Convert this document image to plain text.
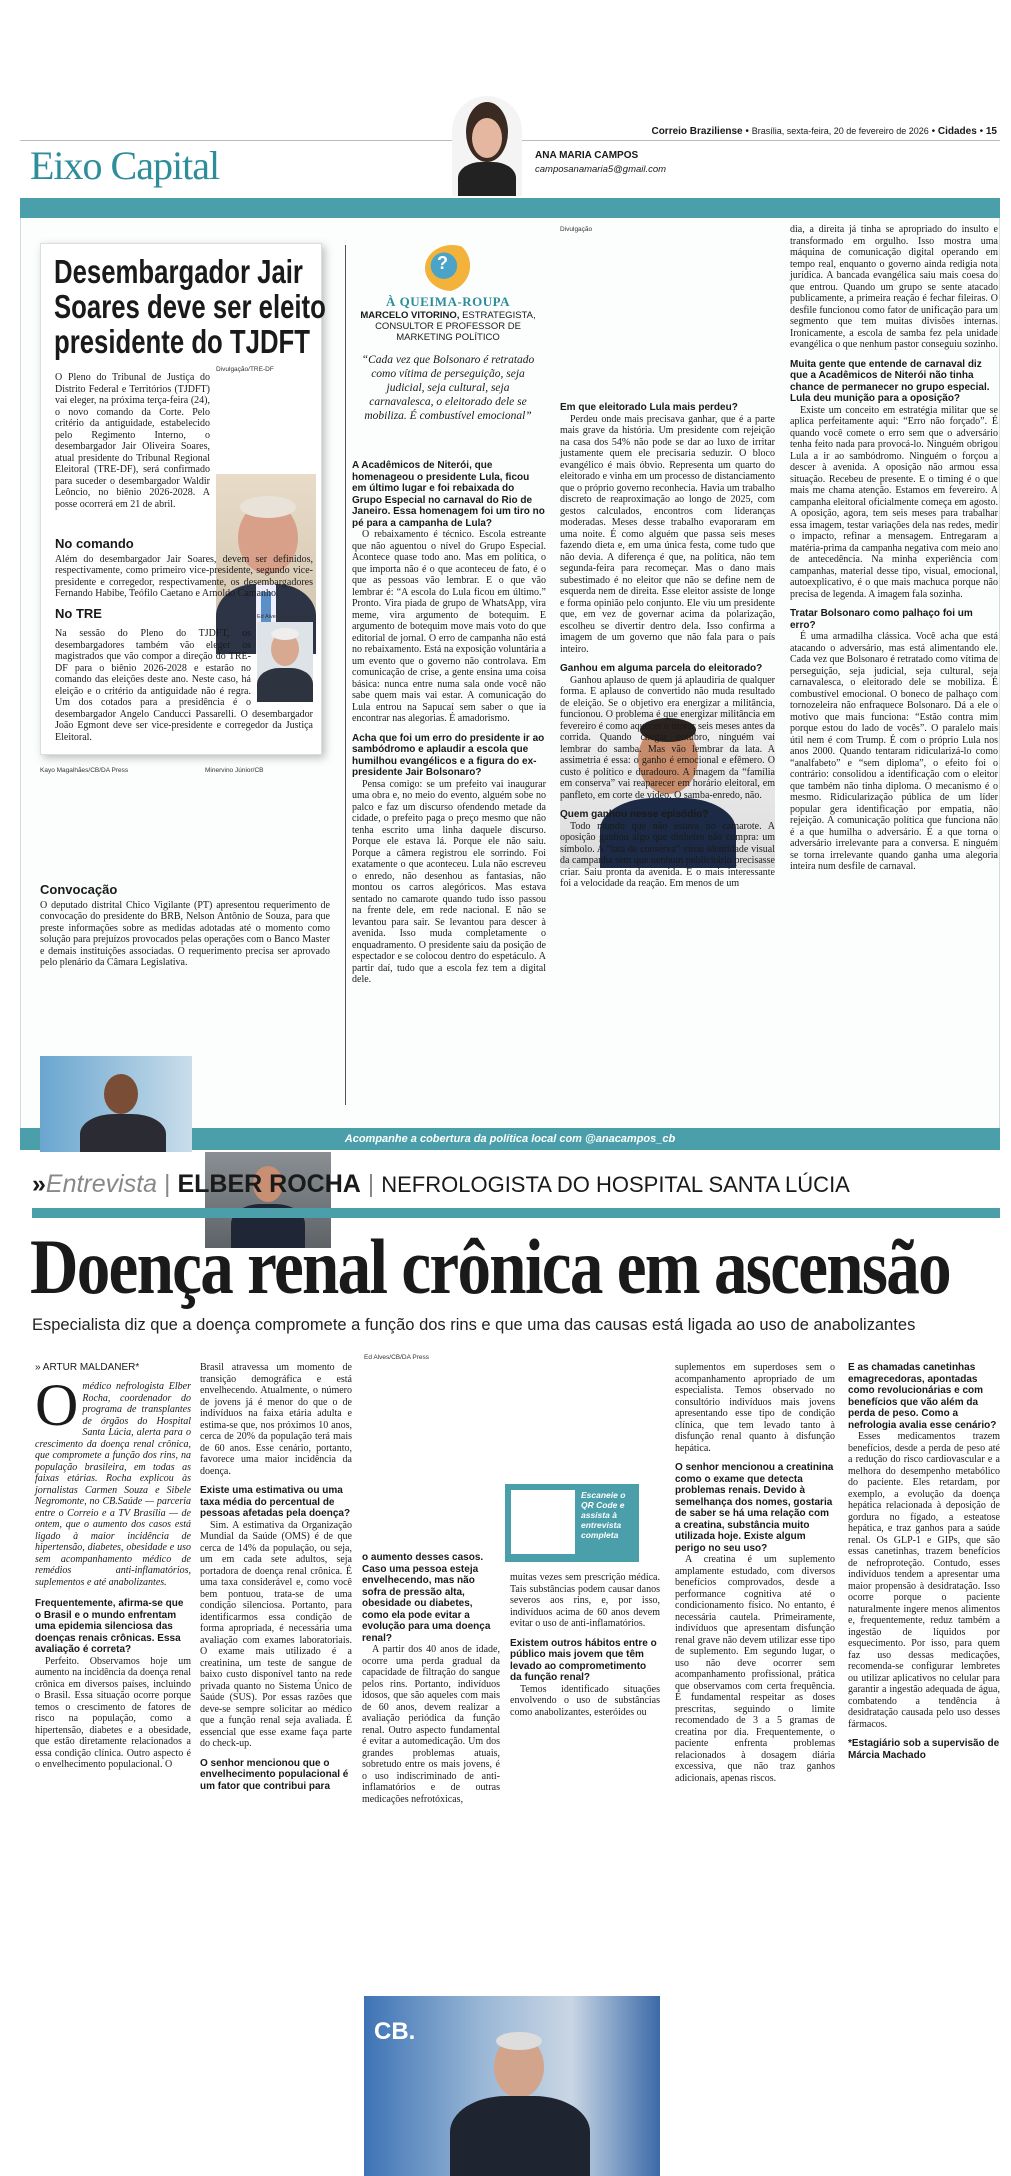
Correio Braziliense • Brasília, sexta-feira, 20 de fevereiro de 2026 • Cidades • 15
Eixo Capital	ANA MARIA CAMPOS
camposanamaria5@gmail.com
Acompanhe a cobertura da política local com @anacampos_cb
Desembargador Jair
Soares deve ser eleito
presidente do TJDFT
Divulgação/TRE-DF

O Pleno do Tribunal de Justiça do Distrito Federal e Territórios (TJDFT) vai eleger, na próxima terça-feira (24), o novo comando da Corte. Pelo critério da antiguidade, estabelecido pelo Regimento Interno, o desembargador Jair Oliveira Soares, atual presidente do Tribunal Regional Eleitoral (TRE-DF), será confirmado para suceder o desembargador Waldir Leôncio, no biênio 2026-2028. A posse ocorrerá em 21 de abril.

No comando

Além do desembargador Jair Soares, devem ser definidos, respectivamente, como primeiro vice-presidente, segundo vice-presidente e corregedor, respectivamente, os desembargadores Fernando Habibe, Teófilo Caetano e Arnoldo Camanho.

No TRE	Ed Alves/CB/D.A Press

Na sessão do Pleno do TJDFT, os desembargadores também vão eleger os magistrados que vão compor a direção do TRE-DF para o biênio 2026-2028 e estarão no comando das eleições deste ano. Neste caso, há eleição e o critério da antiguidade não é regra. Um dos cotados para a presidência é o desembargador Angelo Canducci Passarelli. O desembargador João Egmont deve ser vice-presidente e corregedor da Justiça Eleitoral.

Kayo Magalhães/CB/DA Press	Minervino Júnior/CB

Convocação

O deputado distrital Chico Vigilante (PT) apresentou requerimento de convocação do presidente do BRB, Nelson Antônio de Souza, para que preste informações sobre as medidas adotadas até o momento como solução para prejuízos provocados pelas operações com o Banco Master e demais instituições associadas. O requerimento precisa ser aprovado pelo plenário da Câmara Legislativa.

?
À QUEIMA-ROUPA
MARCELO VITORINO, ESTRATEGISTA, CONSULTOR E PROFESSOR DE MARKETING POLÍTICO
“Cada vez que Bolsonaro é retratado como vítima de perseguição, seja judicial, seja cultural, seja carnavalesca, o eleitorado dele se mobiliza. É combustível emocional”

A Acadêmicos de Niterói, que homenageou o presidente Lula, ficou em último lugar e foi rebaixada do Grupo Especial no carnaval do Rio de Janeiro. Essa homenagem foi um tiro no pé para a campanha de Lula?

O rebaixamento é técnico. Escola estreante que não aguentou o nível do Grupo Especial. Acontece quase todo ano. Mas em política, o que importa não é o que aconteceu de fato, é o que as pessoas vão lembrar. E o que vão lembrar é: “A escola do Lula ficou em último.” Pronto. Vira piada de grupo de WhatsApp, vira meme, vira argumento de botequim. E argumento de botequim move mais voto do que editorial de jornal. O erro de campanha não está no rebaixamento. Está na exposição voluntária a um evento que o governo não controlava. Em comunicação de crise, a gente ensina uma coisa básica: nunca entre numa sala onde você não sabe quem mais vai estar. A comunicação do Lula entrou na Sapucaí sem saber o que ia encontrar nas alegorias. É amadorismo.

Acha que foi um erro do presidente ir ao sambódromo e aplaudir a escola que humilhou evangélicos e a figura do ex-presidente Jair Bolsonaro?

Pensa comigo: se um prefeito vai inaugurar uma obra e, no meio do evento, alguém sobe no palco e faz um discurso ofendendo metade da cidade, o prefeito paga o preço mesmo que não tenha escrito uma linha daquele discurso. Porque ele estava lá. Porque ele não saiu. Porque a câmera registrou ele sorrindo. Foi exatamente o que aconteceu. Lula não escreveu o enredo, não desenhou as fantasias, não montou os carros alegóricos. Mas estava sentado no camarote quando tudo isso passou na frente dele, em rede nacional. E não se levantou para sair. Se levantou para descer à avenida. Isso muda completamente o enquadramento. O presidente saiu da posição de espectador e se colocou dentro do espetáculo. A partir daí, tudo que a escola fez tem a digital dele.

Divulgação

Em que eleitorado Lula mais perdeu?

Perdeu onde mais precisava ganhar, que é a parte mais grave da história. Um presidente com rejeição na casa dos 54% não pode se dar ao luxo de irritar justamente quem ele precisaria seduzir. O bloco evangélico é mais óbvio. Representa um quarto do eleitorado e vinha em um processo de distanciamento que o próprio governo reconhecia. Havia um trabalho discreto de reaproximação ao longo de 2025, com gestos calculados, encontros com lideranças moderadas. Meses desse trabalho evaporaram em uma noite. É como alguém que passa seis meses fazendo dieta e, em uma única festa, come tudo que não devia. A diferença é que, na política, não tem segunda-feira para recomeçar. Mas o dano mais subestimado é no eleitor que não se define nem de esquerda nem de direita. Esse eleitor assiste de longe e forma opinião pelo conjunto. Ele viu um presidente que, em vez de governar acima da polarização, escolheu se divertir dentro dela. Isso confirma a imagem de um governo que não fala para o país inteiro.

Ganhou em alguma parcela do eleitorado?

Ganhou aplauso de quem já aplaudiria de qualquer forma. E aplauso de convertido não muda resultado de eleição. Se o objetivo era energizar a militância, funcionou. O problema é que energizar militância em fevereiro é como aquecer o motor seis meses antes da corrida. Quando chegar outubro, ninguém vai lembrar do samba. Mas vão lembrar da lata. A assimetria é essa: o ganho é emocional e efêmero. O custo é político e duradouro. A imagem da “família em conserva” vai reaparecer em horário eleitoral, em panfleto, em corte de vídeo. O samba-enredo, não.

Quem ganhou nesse episódio?

Todo mundo que não estava no camarote. A oposição ganhou algo que dinheiro não compra: um símbolo. A “lata de conserva” virou identidade visual da campanha sem que nenhum publicitário precisasse criar. Saiu pronta da avenida. E o mais interessante foi a velocidade da reação. Em menos de um

dia, a direita já tinha se apropriado do insulto e transformado em orgulho. Isso mostra uma máquina de comunicação digital operando em tempo real, enquanto o governo ainda redigia nota jurídica. A bancada evangélica saiu mais coesa do que entrou. Quando um grupo se sente atacado publicamente, a primeira reação é fechar fileiras. O desfile funcionou como fator de unificação para um segmento que tem muitas divisões internas. Ironicamente, a escola de samba fez pela unidade evangélica o que nenhum pastor conseguiu sozinho.

Muita gente que entende de carnaval diz que a Acadêmicos de Niterói não tinha chance de permanecer no grupo especial. Lula deu munição para a oposição?

Existe um conceito em estratégia militar que se aplica perfeitamente aqui: “Erro não forçado”. É quando você comete o erro sem que o adversário tenha feito nada para provocá-lo. Ninguém obrigou Lula a ir ao sambódromo. Ninguém o forçou a descer à avenida. A oposição não armou essa situação. Recebeu de presente. E o timing é o que mais me chama atenção. Estamos em fevereiro. A campanha eleitoral oficialmente começa em agosto. A oposição, agora, tem seis meses para trabalhar essa imagem, testar variações dela nas redes, medir o impacto, refinar a mensagem. Entregaram a matéria-prima da campanha negativa com meio ano de antecedência. Na minha experiência com campanhas, material desse tipo, visual, emocional, autoexplicativo, é o que mais machuca porque não precisa de legenda. A imagem fala sozinha.

Tratar Bolsonaro como palhaço foi um erro?

É uma armadilha clássica. Você acha que está atacando o adversário, mas está alimentando ele. Cada vez que Bolsonaro é retratado como vítima de perseguição, seja judicial, seja cultural, seja carnavalesca, o eleitorado dele se mobiliza. É combustível emocional. O boneco de palhaço com tornozeleira não enfraquece Bolsonaro. Dá a ele o motivo que mais funciona: “Estão contra mim porque estou do lado de vocês”. O paralelo mais útil nem é com Trump. É com o próprio Lula nos anos 2000. Quando tentaram ridicularizá-lo como “analfabeto” e “sem diploma”, o efeito foi o contrário: consolidou a identificação com o eleitor que também não tinha diploma. O mecanismo é o mesmo. Ridicularização pública de um líder popular gera identificação por empatia, não rejeição. A comunicação política que funciona não é a que humilha o adversário. É a que torna o adversário irrelevante para a conversa. E ninguém se torna irrelevante quando ganha uma alegoria inteira num desfile de carnaval.

»Entrevista | ELBER ROCHA | NEFROLOGISTA DO HOSPITAL SANTA LÚCIA
Doença renal crônica em ascensão
Especialista diz que a doença compromete a função dos rins e que uma das causas está ligada ao uso de anabolizantes
» ARTUR MALDANER*

O médico nefrologista Elber Rocha, coordenador do programa de transplantes de órgãos do Hospital Santa Lúcia, alerta para o crescimento da doença renal crônica, que compromete a função dos rins, na população brasileira, em todas as faixas etárias. Rocha explicou às jornalistas Carmen Souza e Sibele Negromonte, no CB.Saúde — parceria entre o Correio e a TV Brasília — de ontem, que o aumento dos casos está ligado à maior incidência de hipertensão, diabetes, obesidade e uso sem acompanhamento médico de remédios anti-inflamatórios, suplementos e até anabolizantes.

Frequentemente, afirma-se que o Brasil e o mundo enfrentam uma epidemia silenciosa das doenças renais crônicas. Essa avaliação é correta?

Perfeito. Observamos hoje um aumento na incidência da doença renal crônica em diversos países, incluindo o Brasil. Essa situação ocorre porque temos o crescimento de fatores de risco na população, como a hipertensão, diabetes e a obesidade, que estão diretamente relacionados a essa condição clínica. Outro aspecto é o envelhecimento populacional. O

Brasil atravessa um momento de transição demográfica e está envelhecendo. Atualmente, o número de jovens já é menor do que o de indivíduos na faixa etária adulta e estima-se que, nos próximos 10 anos, cerca de 20% da população terá mais de 60 anos. Esse cenário, portanto, favorece uma maior incidência da doença.

Existe uma estimativa ou uma taxa média do percentual de pessoas afetadas pela doença?

Sim. A estimativa da Organização Mundial da Saúde (OMS) é de que cerca de 14% da população, ou seja, um em cada sete adultos, seja portadora de doença renal crônica. É uma taxa considerável e, como você bem pontuou, trata-se de uma condição silenciosa. Portanto, para identificarmos essa condição de forma apropriada, é necessária uma avaliação com exames laboratoriais. O exame mais utilizado é a creatinina, um teste de sangue de baixo custo disponível tanto na rede privada quanto no Sistema Único de Saúde (SUS). Por essas razões que deve-se sempre solicitar ao médico que a função renal seja avaliada. É essencial que esse exame faça parte do check-up.

O senhor mencionou que o envelhecimento populacional é um fator que contribui para

Ed Alves/CB/DA Press
CB.
Escaneie o QR Code e assista à entrevista completa

o aumento desses casos. Caso uma pessoa esteja envelhecendo, mas não sofra de pressão alta, obesidade ou diabetes, como ela pode evitar a evolução para uma doença renal?

A partir dos 40 anos de idade, ocorre uma perda gradual da capacidade de filtração do sangue pelos rins. Portanto, indivíduos idosos, que são aqueles com mais de 60 anos, devem realizar a avaliação periódica da função renal. Outro aspecto fundamental é evitar a automedicação. Um dos grandes problemas atuais, sobretudo entre os mais jovens, é o uso indiscriminado de anti-inflamatórios e de outras medicações nefrotóxicas,

muitas vezes sem prescrição médica. Tais substâncias podem causar danos severos aos rins, e, por isso, indivíduos acima de 60 anos devem evitar o uso de anti-inflamatórios.

Existem outros hábitos entre o público mais jovem que têm levado ao comprometimento da função renal?

Temos identificado situações envolvendo o uso de substâncias como anabolizantes, esteróides ou

suplementos em superdoses sem o acompanhamento apropriado de um especialista. Temos observado no consultório indivíduos mais jovens apresentando esse tipo de condição clínica, que tem levado tanto à disfunção renal quanto à disfunção hepática.

O senhor mencionou a creatinina como o exame que detecta problemas renais. Devido à semelhança dos nomes, gostaria de saber se há uma relação com a creatina, substância muito utilizada hoje. Existe algum perigo no seu uso?

A creatina é um suplemento amplamente estudado, com diversos benefícios comprovados, desde a performance cognitiva até o condicionamento físico. No entanto, é necessária cautela. Primeiramente, indivíduos que apresentam disfunção renal grave não devem utilizar esse tipo de suplemento. Em segundo lugar, o uso não deve ocorrer sem acompanhamento profissional, prática que observamos com certa frequência. É fundamental respeitar as doses prescritas, seguindo o limite recomendado de 3 a 5 gramas de creatina por dia. Frequentemente, o paciente enfrenta problemas relacionados à dosagem diária excessiva, que não traz ganhos adicionais, apenas riscos.

E as chamadas canetinhas emagrecedoras, apontadas como revolucionárias e com benefícios que vão além da perda de peso. Como a nefrologia avalia esse cenário?

Esses medicamentos trazem benefícios, desde a perda de peso até a redução do risco cardiovascular e a melhora do desempenho metabólico do paciente. Eles retardam, por exemplo, a evolução da doença hepática relacionada à deposição de gordura no fígado, a esteatose hepática, e traz ganhos para a saúde renal. Os GLP-1 e GIPs, que são essas canetinhas, trazem benefícios de nefroproteção. Contudo, esses indivíduos tendem a apresentar uma maior propensão à desidratação. Isso ocorre porque o paciente naturalmente ingere menos alimentos e, frequentemente, reduz também a ingestão de líquidos por esquecimento. Por isso, para quem faz uso dessas medicações, recomenda-se configurar lembretes ou utilizar aplicativos no celular para garantir a ingestão adequada de água, combatendo a tendência à desidratação causada pelo uso desses fármacos.

*Estagiário sob a supervisão de Márcia Machado
